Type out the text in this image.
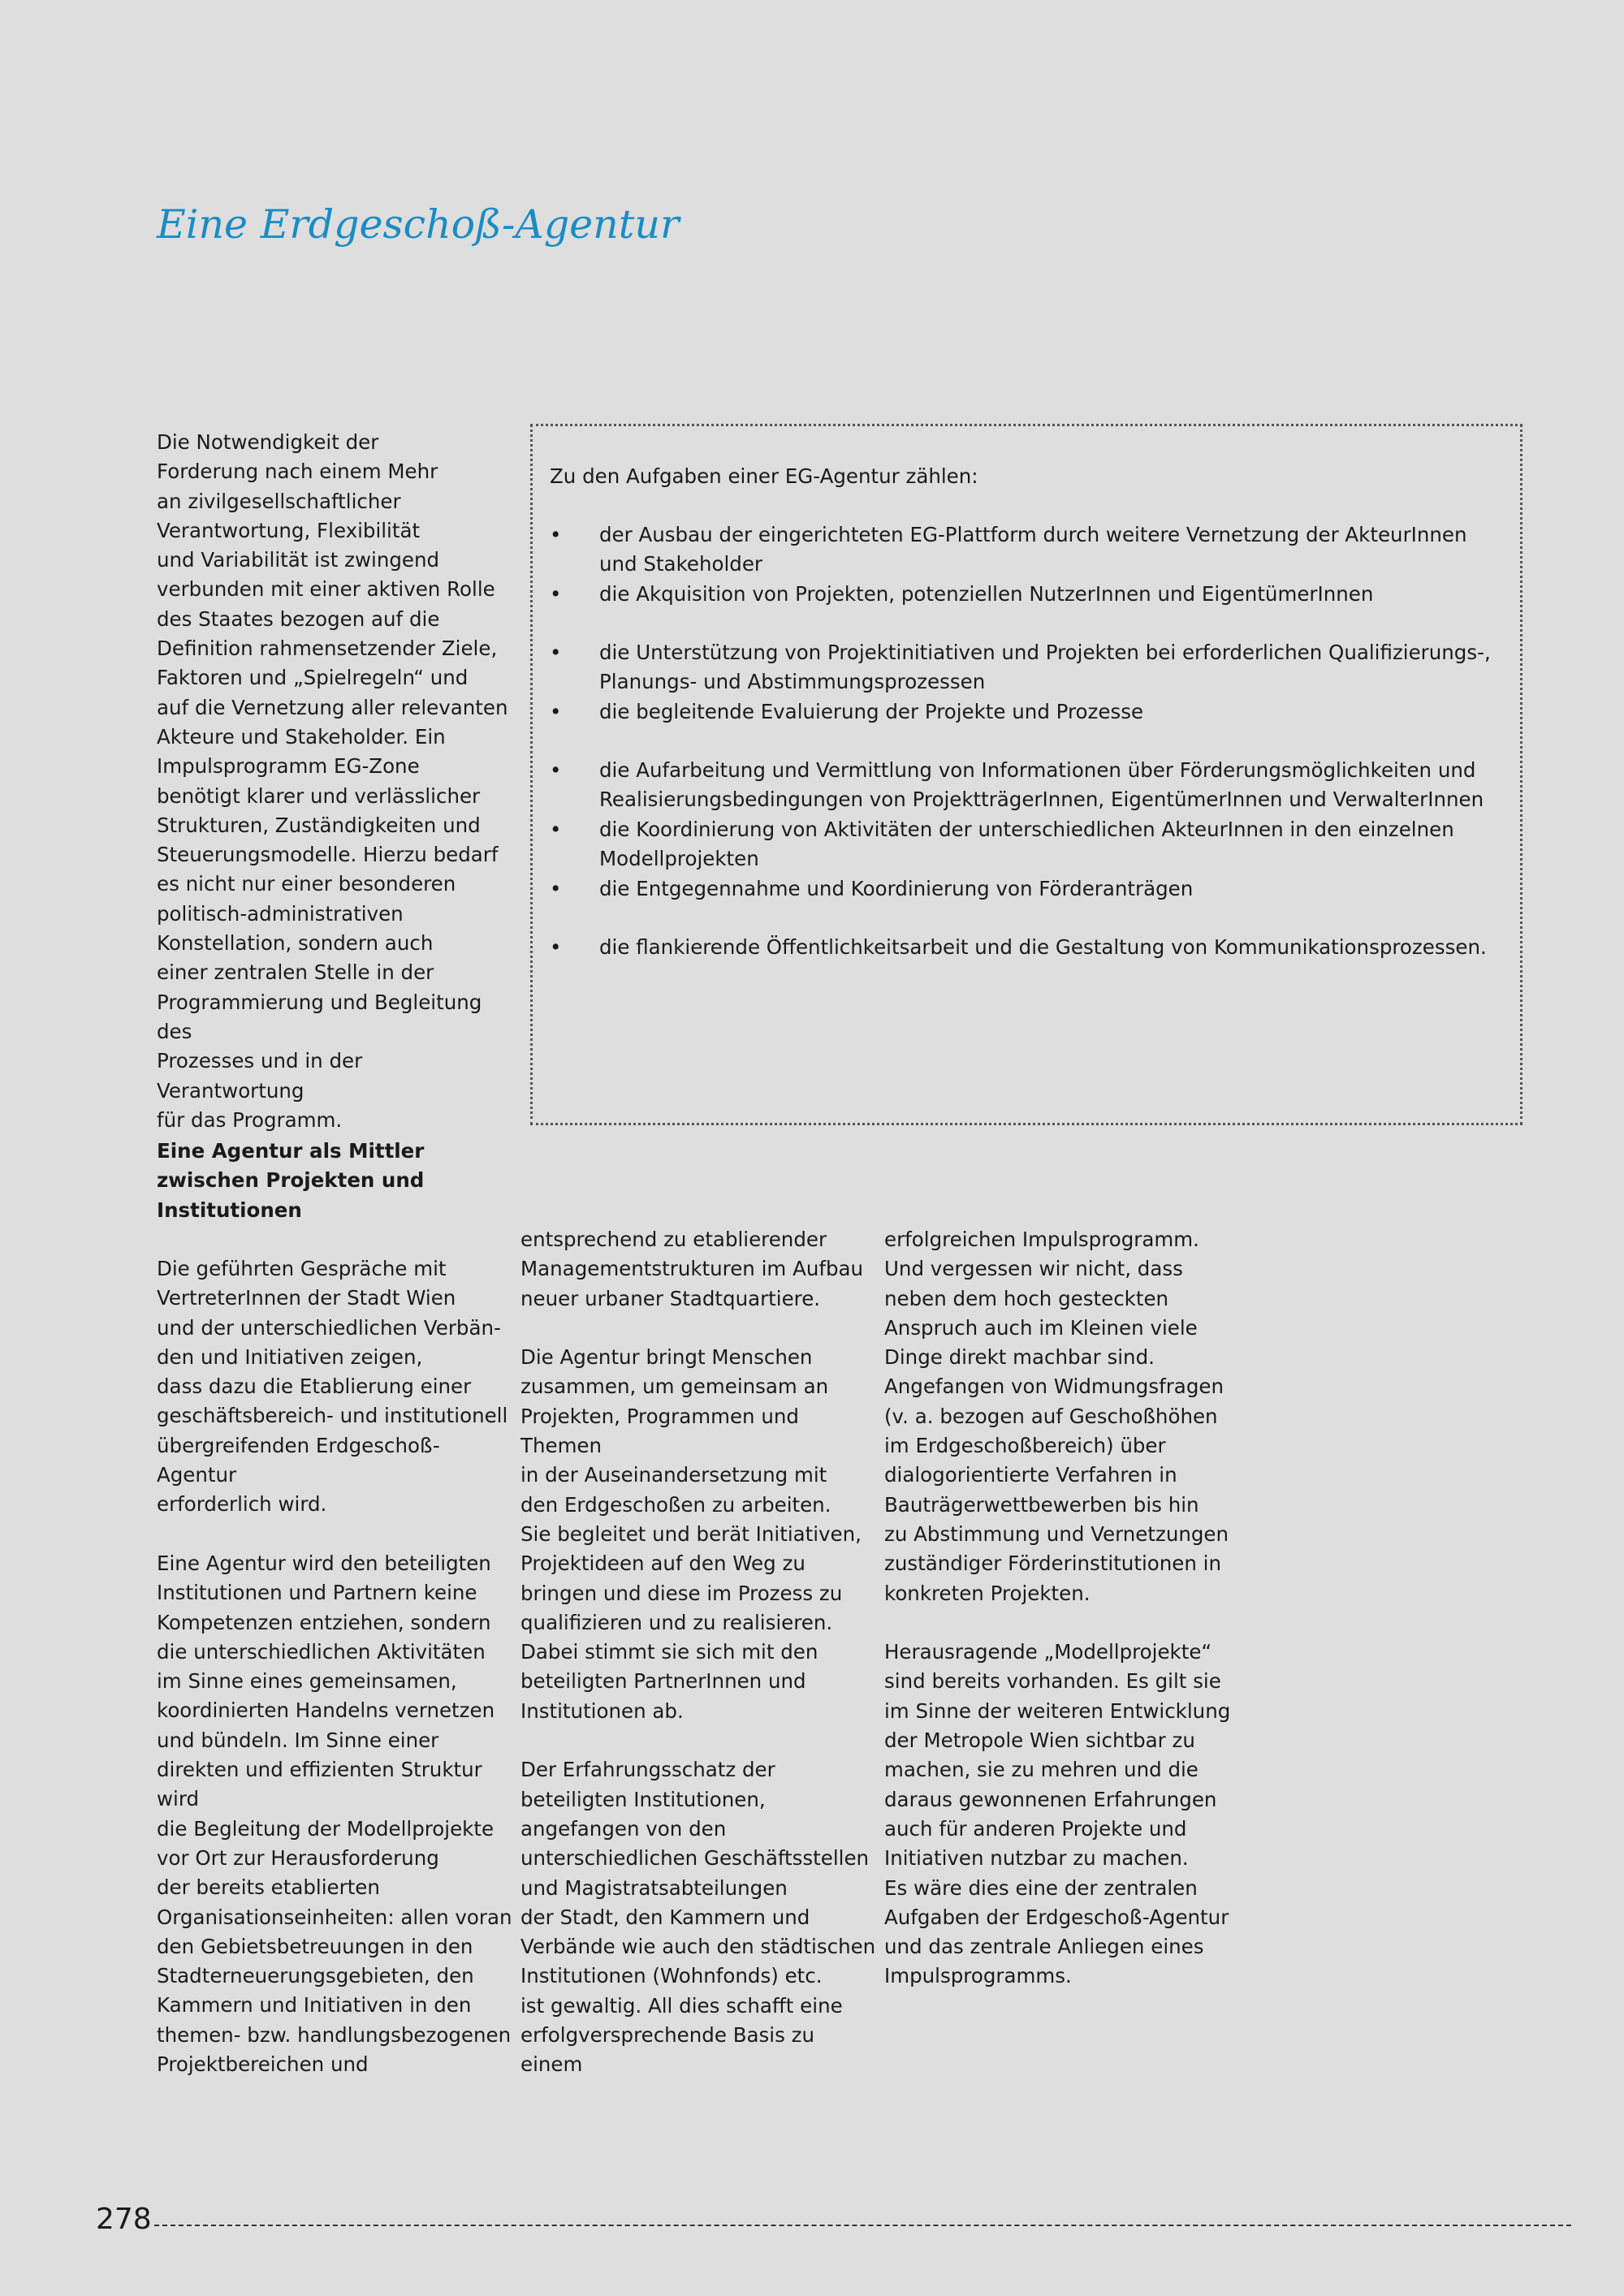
Eine Erdgeschoß-Agentur
Die Notwendigkeit der
Forderung nach einem Mehr
an zivilgesellschaftlicher
Verantwortung, Flexibilität
und Variabilität ist zwingend
verbunden mit einer aktiven Rolle
des Staates bezogen auf die
Definition rahmensetzender Ziele,
Faktoren und „Spielregeln“ und
auf die Vernetzung aller relevanten
Akteure und Stakeholder. Ein
Impulsprogramm EG-Zone
benötigt klarer und verlässlicher
Strukturen, Zuständigkeiten und
Steuerungsmodelle. Hierzu bedarf
es nicht nur einer besonderen
politisch-administrativen
Konstellation, sondern auch
einer zentralen Stelle in der
Programmierung und Begleitung des
Prozesses und in der Verantwortung
für das Programm.
Zu den Aufgaben einer EG-Agentur zählen:
• der Ausbau der eingerichteten EG-Plattform durch weitere Vernetzung der AkteurInnen und Stakeholder
• die Akquisition von Projekten, potenziellen NutzerInnen und EigentümerInnen
• die Unterstützung von Projektinitiativen und Projekten bei erforderlichen Qualifizierungs-, Planungs- und Abstimmungsprozessen
• die begleitende Evaluierung der Projekte und Prozesse
• die Aufarbeitung und Vermittlung von Informationen über Förderungsmöglichkeiten und Realisierungsbedingungen von ProjektträgerInnen, EigentümerInnen und VerwalterInnen
• die Koordinierung von Aktivitäten der unterschiedlichen AkteurInnen in den einzelnen Modellprojekten
• die Entgegennahme und Koordinierung von Förderanträgen
• die flankierende Öffentlichkeitsarbeit und die Gestaltung von Kommunikationsprozessen.
Eine Agentur als Mittler
zwischen Projekten und
Institutionen
Die geführten Gespräche mit
VertreterInnen der Stadt Wien
und der unterschiedlichen Verbän-
den und Initiativen zeigen,
dass dazu die Etablierung einer
geschäftsbereich- und institutionell
übergreifenden Erdgeschoß-Agentur
erforderlich wird.

Eine Agentur wird den beteiligten
Institutionen und Partnern keine
Kompetenzen entziehen, sondern
die unterschiedlichen Aktivitäten
im Sinne eines gemeinsamen,
koordinierten Handelns vernetzen
und bündeln. Im Sinne einer
direkten und effizienten Struktur wird
die Begleitung der Modellprojekte
vor Ort zur Herausforderung
der bereits etablierten
Organisationseinheiten: allen voran
den Gebietsbetreuungen in den
Stadterneuerungsgebieten, den
Kammern und Initiativen in den
themen- bzw. handlungsbezogenen
Projektbereichen und
entsprechend zu etablierender
Managementstrukturen im Aufbau
neuer urbaner Stadtquartiere.

Die Agentur bringt Menschen
zusammen, um gemeinsam an
Projekten, Programmen und Themen
in der Auseinandersetzung mit
den Erdgeschoßen zu arbeiten.
Sie begleitet und berät Initiativen,
Projektideen auf den Weg zu
bringen und diese im Prozess zu
qualifizieren und zu realisieren.
Dabei stimmt sie sich mit den
beteiligten PartnerInnen und
Institutionen ab.

Der Erfahrungsschatz der
beteiligten Institutionen,
angefangen von den
unterschiedlichen Geschäftsstellen
und Magistratsabteilungen
der Stadt, den Kammern und
Verbände wie auch den städtischen
Institutionen (Wohnfonds) etc.
ist gewaltig. All dies schafft eine
erfolgversprechende Basis zu einem
erfolgreichen Impulsprogramm.
Und vergessen wir nicht, dass
neben dem hoch gesteckten
Anspruch auch im Kleinen viele
Dinge direkt machbar sind.
Angefangen von Widmungsfragen
(v. a. bezogen auf Geschoßhöhen
im Erdgeschoßbereich) über
dialogorientierte Verfahren in
Bauträgerwettbewerben bis hin
zu Abstimmung und Vernetzungen
zuständiger Förderinstitutionen in
konkreten Projekten.

Herausragende „Modellprojekte“
sind bereits vorhanden. Es gilt sie
im Sinne der weiteren Entwicklung
der Metropole Wien sichtbar zu
machen, sie zu mehren und die
daraus gewonnenen Erfahrungen
auch für anderen Projekte und
Initiativen nutzbar zu machen.
Es wäre dies eine der zentralen
Aufgaben der Erdgeschoß-Agentur
und das zentrale Anliegen eines
Impulsprogramms.
278
